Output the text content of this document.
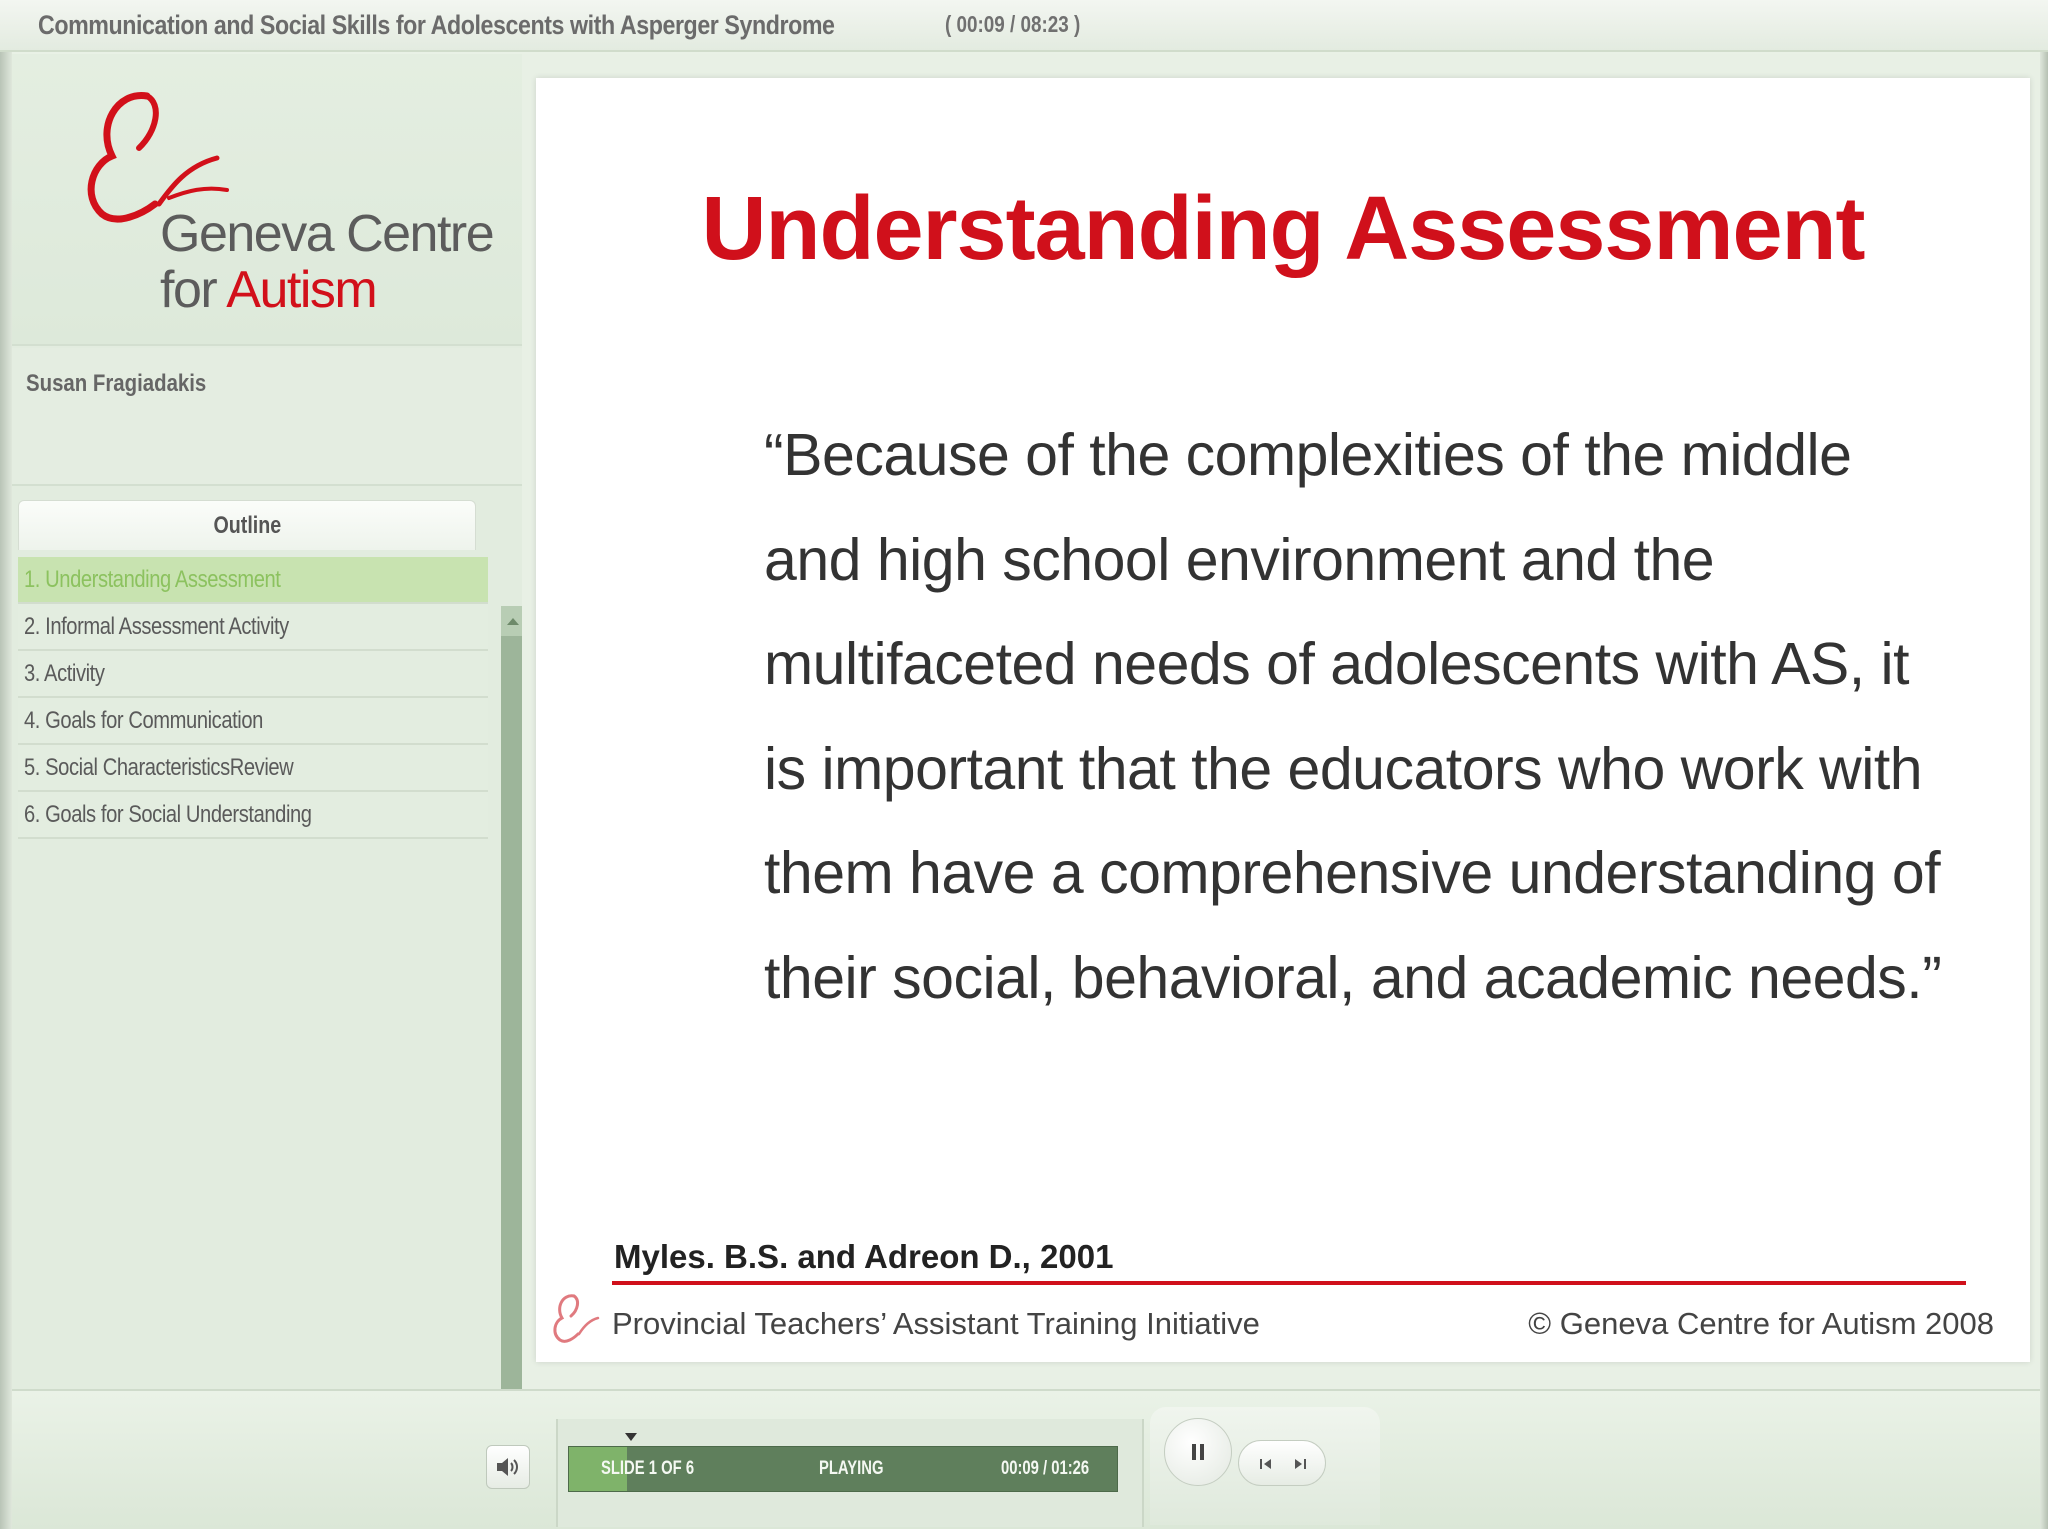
Communication and Social Skills for Adolescents with Asperger Syndrome	( 00:09 / 08:23 )
Geneva Centre
for Autism
Susan Fragiadakis
Outline
1. Understanding Assessment
2. Informal Assessment Activity
3. Activity
4. Goals for Communication
5. Social CharacteristicsReview
6. Goals for Social Understanding
Understanding Assessment
“Because of the complexities of the middle and high school environment and the multifaceted needs of adolescents with AS, it is important that the educators who work with them have a comprehensive understanding of their social, behavioral, and academic needs.”
Myles. B.S. and Adreon D., 2001
Provincial Teachers’ Assistant Training Initiative	© Geneva Centre for Autism 2008
SLIDE 1 OF 6	PLAYING	00:09 / 01:26
